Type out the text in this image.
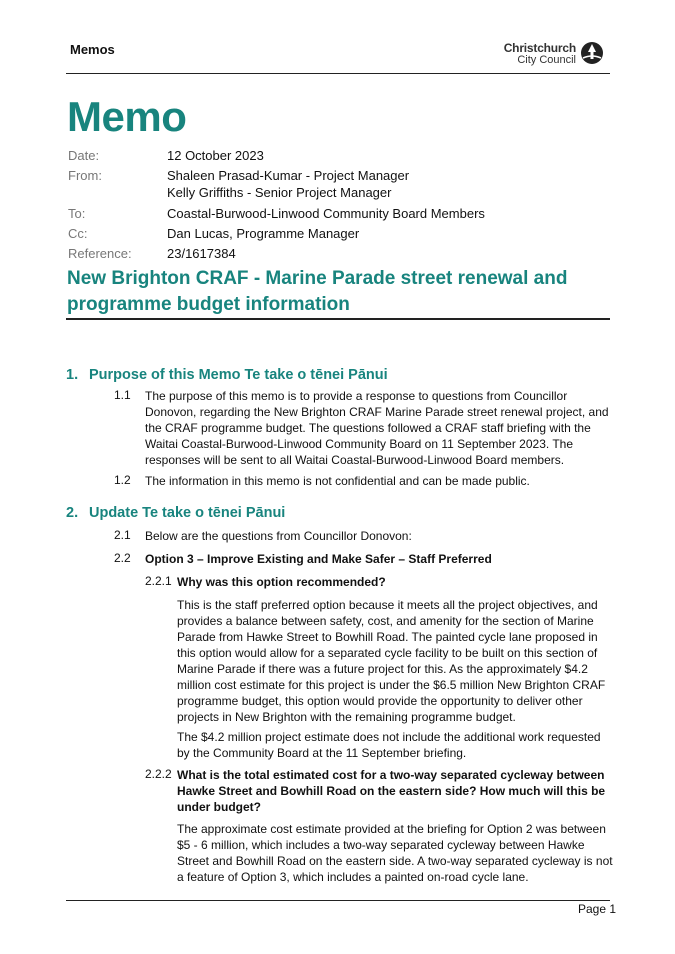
Memos	Christchurch
City Council
Memo
Date:	12 October 2023
From:	Shaleen Prasad-Kumar - Project Manager
Kelly Griffiths - Senior Project Manager
To:	Coastal-Burwood-Linwood Community Board Members
Cc:	Dan Lucas, Programme Manager
Reference:	23/1617384
New Brighton CRAF - Marine Parade street renewal and programme budget information
1. Purpose of this Memo Te take o tēnei Pānui
1.1 The purpose of this memo is to provide a response to questions from Councillor Donovon, regarding the New Brighton CRAF Marine Parade street renewal project, and the CRAF programme budget. The questions followed a CRAF staff briefing with the Waitai Coastal-Burwood-Linwood Community Board on 11 September 2023. The responses will be sent to all Waitai Coastal-Burwood-Linwood Board members.
1.2 The information in this memo is not confidential and can be made public.
2. Update Te take o tēnei Pānui
2.1 Below are the questions from Councillor Donovon:
2.2 Option 3 – Improve Existing and Make Safer – Staff Preferred
2.2.1 Why was this option recommended?
This is the staff preferred option because it meets all the project objectives, and provides a balance between safety, cost, and amenity for the section of Marine Parade from Hawke Street to Bowhill Road. The painted cycle lane proposed in this option would allow for a separated cycle facility to be built on this section of Marine Parade if there was a future project for this. As the approximately $4.2 million cost estimate for this project is under the $6.5 million New Brighton CRAF programme budget, this option would provide the opportunity to deliver other projects in New Brighton with the remaining programme budget.
The $4.2 million project estimate does not include the additional work requested by the Community Board at the 11 September briefing.
2.2.2 What is the total estimated cost for a two-way separated cycleway between Hawke Street and Bowhill Road on the eastern side? How much will this be under budget?
The approximate cost estimate provided at the briefing for Option 2 was between $5 - 6 million, which includes a two-way separated cycleway between Hawke Street and Bowhill Road on the eastern side. A two-way separated cycleway is not a feature of Option 3, which includes a painted on-road cycle lane.
Page 1
